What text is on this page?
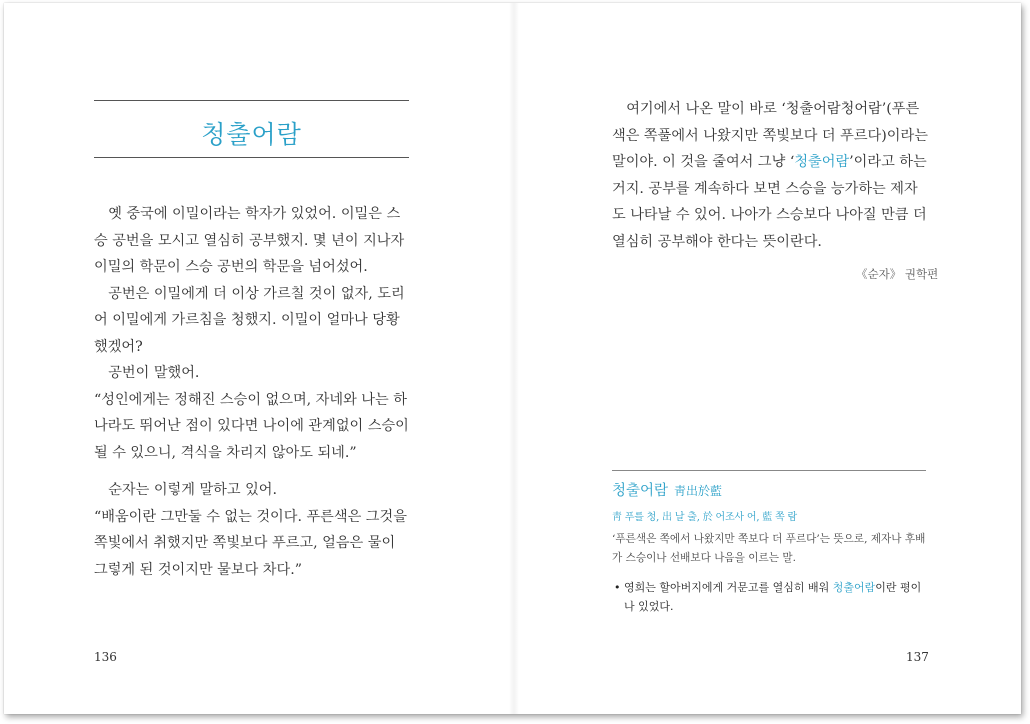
청출어람

옛 중국에 이밀이라는 학자가 있었어. 이밀은 스승 공번을 모시고 열심히 공부했지. 몇 년이 지나자 이밀의 학문이 스승 공번의 학문을 넘어섰어.

공번은 이밀에게 더 이상 가르칠 것이 없자, 도리어 이밀에게 가르침을 청했지. 이밀이 얼마나 당황했겠어?

공번이 말했어.

“성인에게는 정해진 스승이 없으며, 자네와 나는 하나라도 뛰어난 점이 있다면 나이에 관계없이 스승이 될 수 있으니, 격식을 차리지 않아도 되네.”

순자는 이렇게 말하고 있어.

“배움이란 그만둘 수 없는 것이다. 푸른색은 그것을 쪽빛에서 취했지만 쪽빛보다 푸르고, 얼음은 물이 그렇게 된 것이지만 물보다 차다.”

136

여기에서 나온 말이 바로 ‘청출어람청어람’(푸른색은 쪽풀에서 나왔지만 쪽빛보다 더 푸르다)이라는 말이야. 이 것을 줄여서 그냥 ‘청출어람’이라고 하는 거지. 공부를 계속하다 보면 스승을 능가하는 제자도 나타날 수 있어. 나아가 스승보다 나아질 만큼 더 열심히 공부해야 한다는 뜻이란다.

《순자》 권학편
청출어람 靑出於藍
靑 푸를 청, 出 날 출, 於 어조사 어, 藍 쪽 람
‘푸른색은 쪽에서 나왔지만 쪽보다 더 푸르다’는 뜻으로, 제자나 후배가 스승이나 선배보다 나음을 이르는 말.
• 영희는 할아버지에게 거문고를 열심히 배워 청출어람이란 평이 나 있었다.
137
